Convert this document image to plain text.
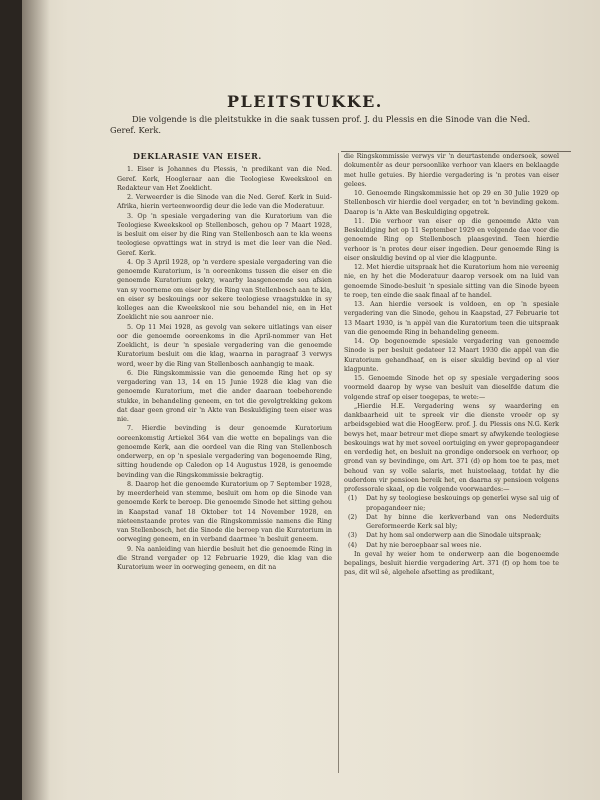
PLEITSTUKKE.
Die volgende is die pleitstukke in die saak tussen prof. J. du Plessis en die Sinode van die Ned. Geref. Kerk.
DEKLARASIE VAN EISER.

1. Eiser is Johannes du Plessis, 'n predikant van die Ned. Geref. Kerk, Hoogleraar aan die Teologiese Kweekskool en Redakteur van Het Zoeklicht.

2. Verweerder is die Sinode van die Ned. Geref. Kerk in Suid-Afrika, hierin verteenwoordig deur die lede van die Moderatuur.

3. Op 'n spesiale vergadering van die Kuratorium van die Teologiese Kweekskool op Stellenbosch, gehou op 7 Maart 1928, is besluit om eiser by die Ring van Stellenbosch aan te kla weens teologiese opvattings wat in stryd is met die leer van die Ned. Geref. Kerk.

4. Op 3 April 1928, op 'n verdere spesiale vergadering van die genoemde Kuratorium, is 'n ooreenkoms tussen die eiser en die genoemde Kuratorium gekry, waarby laasgenoemde sou afsien van sy voorneme om eiser by die Ring van Stellenbosch aan te kla, en eiser sy beskouings oor sekere teologiese vraagstukke in sy kolleges aan die Kweekskool nie sou behandel nie, en in Het Zoeklicht nie sou aanroer nie.

5. Op 11 Mei 1928, as gevolg van sekere uitlatings van eiser oor die genoemde ooreenkoms in die April-nommer van Het Zoeklicht, is deur 'n spesiale vergadering van die genoemde Kuratorium besluit om die klag, waarna in paragraaf 3 verwys word, weer by die Ring van Stellenbosch aanhangig te maak.

6. Die Ringskommissie van die genoemde Ring het op sy vergadering van 13, 14 en 15 Junie 1928 die klag van die genoemde Kuratorium, met die ander daaraan toebehorende stukke, in behandeling geneem, en tot die gevolgtrekking gekom dat daar geen grond eir 'n Akte van Beskuldiging teen eiser was nie.

7. Hierdie bevinding is deur genoemde Kuratorium ooreenkomstig Artiekel 364 van die wette en bepalings van die genoemde Kerk, aan die oordeel van die Ring van Stellenbosch onderwerp, en op 'n spesiale vergadering van bogenoemde Ring, sitting houdende op Caledon op 14 Augustus 1928, is genoemde bevinding van die Ringskommissie bekragtig.

8. Daarop het die genoemde Kuratorium op 7 September 1928, by meerderheid van stemme, besluit om hom op die Sinode van genoemde Kerk te beroep. Die genoemde Sinode het sitting gehou in Kaapstad vanaf 18 Oktober tot 14 November 1928, en nieteenstaande protes van die Ringskommissie namens die Ring van Stellenbosch, het die Sinode die beroep van die Kuratorium in oorweging geneem, en in verband daarmee 'n besluit geneem.

9. Na aanleiding van hierdie besluit het die genoemde Ring in die Strand vergader op 12 Februarie 1929, die klag van die Kuratorium weer in oorweging geneem, en dit na

die Ringskommissie verwys vir 'n deurtastende ondersoek, sowel dokumentêr as deur persoonlike verhoor van klaers en beklaagde met hulle getuies. By hierdie vergadering is 'n protes van eiser gelees.

10. Genoemde Ringskommissie het op 29 en 30 Julie 1929 op Stellenbosch vir hierdie doel vergader, en tot 'n bevinding gekom. Daarop is 'n Akte van Beskuldiging opgetrek.

11. Die verhoor van eiser op die genoemde Akte van Beskuldiging het op 11 September 1929 en volgende dae voor die genoemde Ring op Stellenbosch plaasgevind. Teen hierdie verhoor is 'n protes deur eiser ingedien. Deur genoemde Ring is eiser onskuldig bevind op al vier die klagpunte.

12. Met hierdie uitspraak het die Kuratorium hom nie vereenig nie, en hy het die Moderatuur daarop versoek om na luid van genoemde Sinode-besluit 'n spesiale sitting van die Sinode byeen te roep, ten einde die saak finaal af te handel.

13. Aan hierdie versoek is voldoen, en op 'n spesiale vergadering van die Sinode, gehou in Kaapstad, 27 Februarie tot 13 Maart 1930, is 'n appèl van die Kuratorium teen die uitspraak van die genoemde Ring in behandeling geneem.

14. Op bogenoemde spesiale vergadering van genoemde Sinode is per besluit gedateer 12 Maart 1930 die appèl van die Kuratorium gehandhaaf, en is eiser skuldig bevind op al vier klagpunte.

15. Genoemde Sinode het op sy spesiale vergadering soos voormeld daarop by wyse van besluit van dieselfde datum die volgende straf op eiser toegepas, te wete:—

„Hierdie H.E. Vergadering wens sy waardering en dankbaarheid uit te spreek vir die dienste vroeër op sy arbeidsgebied wat die HoogEerw. prof. J. du Plessis ons N.G. Kerk bewys het, maar betreur met diepe smart sy afwykende teologiese beskouings wat hy met soveel oortuiging en ywer gepropagandeer en verdedig het, en besluit na grondige ondersoek en verhoor, op grond van sy bevindinge, om Art. 371 (d) op hom toe te pas, met behoud van sy volle salaris, met huistoelaag, totdat hy die ouderdom vir pensioen bereik het, en daarna sy pensioen volgens professorale skaal, op die volgende voorwaardes:—

(1)	Dat hy sy teologiese beskouings op generlei wyse sal uig of propagandeer nie;
(2)	Dat hy binne die kerkverband van ons Nederduits Gereformeerde Kerk sal bly;
(3)	Dat hy hom sal onderwerp aan die Sinodale uitspraak;
(4)	Dat hy nie beroepbaar sal wees nie.

In geval hy weier hom te onderwerp aan die bogenoemde bepalings, besluit hierdie vergadering Art. 371 (f) op hom toe te pas, dit wil sê, algehele afsetting as predikant,
